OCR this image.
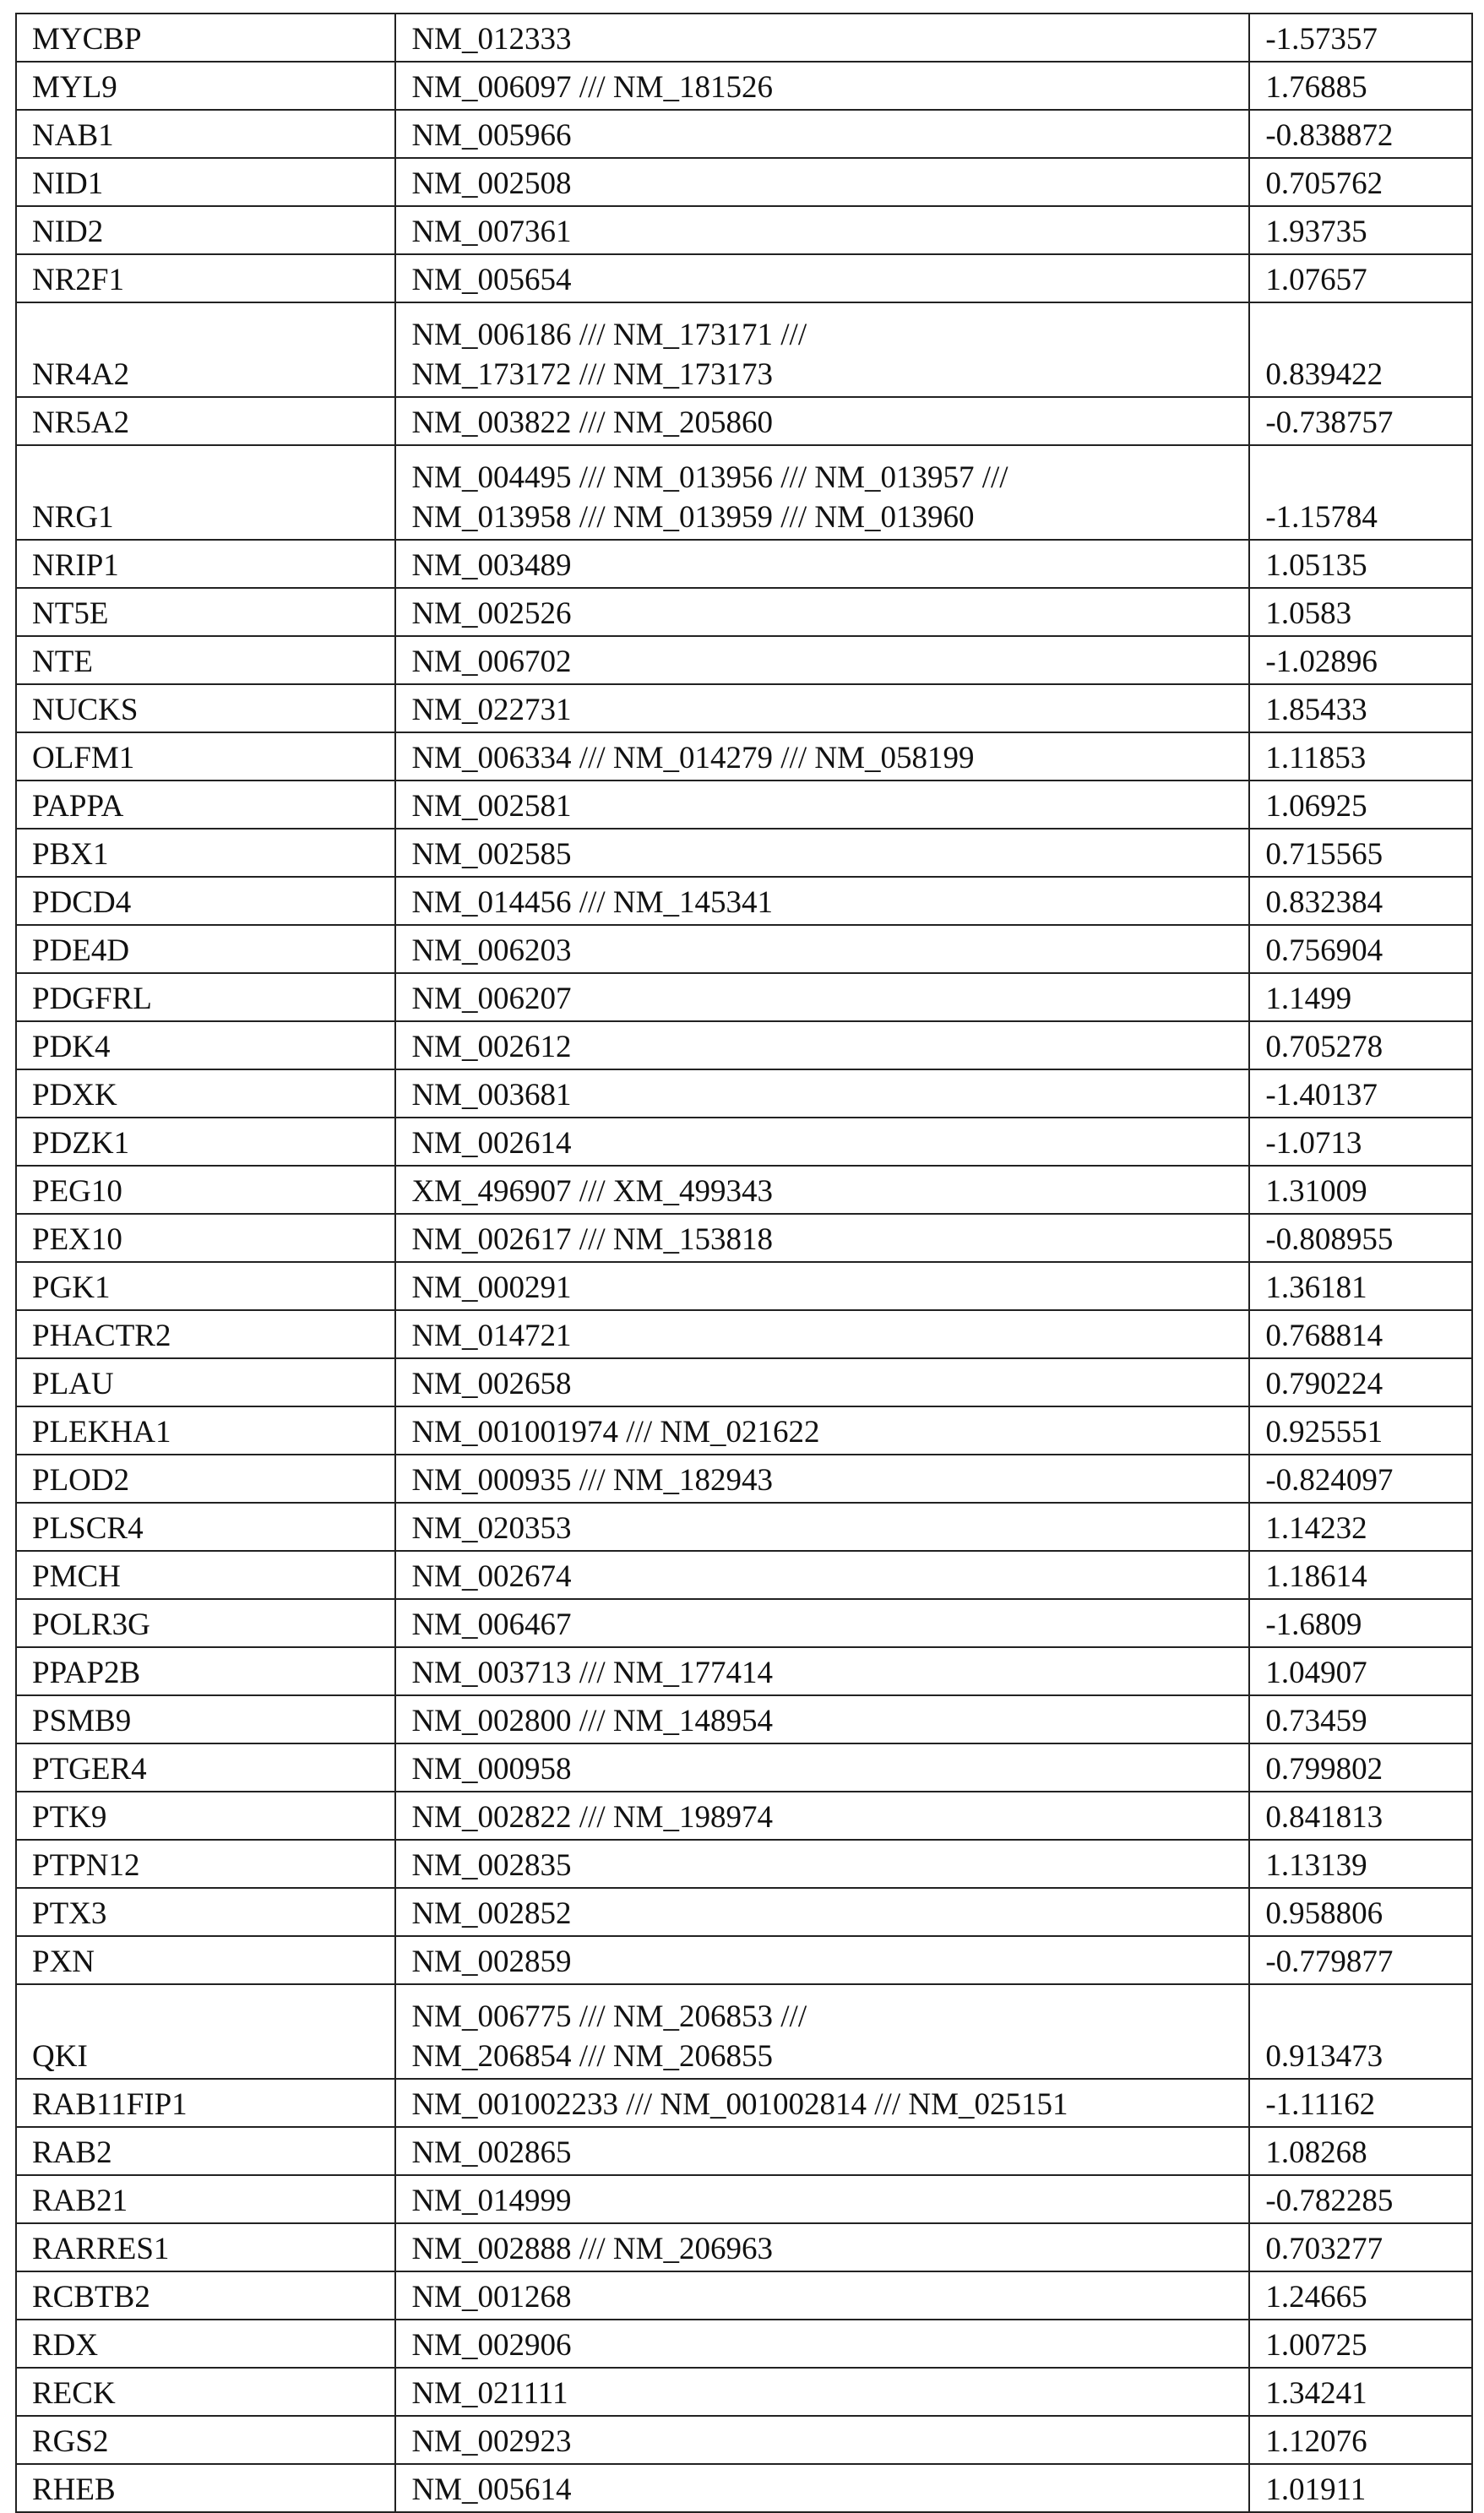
MYCBP	NM_012333	-1.57357
MYL9	NM_006097 /// NM_181526	1.76885
NAB1	NM_005966	-0.838872
NID1	NM_002508	0.705762
NID2	NM_007361	1.93735
NR2F1	NM_005654	1.07657
NR4A2	
NM_006186 /// NM_173171 ///
NM_173172 /// NM_173173	0.839422
NR5A2	NM_003822 /// NM_205860	-0.738757
NRG1	
NM_004495 /// NM_013956 /// NM_013957 ///
NM_013958 /// NM_013959 /// NM_013960	-1.15784
NRIP1	NM_003489	1.05135
NT5E	NM_002526	1.0583
NTE	NM_006702	-1.02896
NUCKS	NM_022731	1.85433
OLFM1	NM_006334 /// NM_014279 /// NM_058199	1.11853
PAPPA	NM_002581	1.06925
PBX1	NM_002585	0.715565
PDCD4	NM_014456 /// NM_145341	0.832384
PDE4D	NM_006203	0.756904
PDGFRL	NM_006207	1.1499
PDK4	NM_002612	0.705278
PDXK	NM_003681	-1.40137
PDZK1	NM_002614	-1.0713
PEG10	XM_496907 /// XM_499343	1.31009
PEX10	NM_002617 /// NM_153818	-0.808955
PGK1	NM_000291	1.36181
PHACTR2	NM_014721	0.768814
PLAU	NM_002658	0.790224
PLEKHA1	NM_001001974 /// NM_021622	0.925551
PLOD2	NM_000935 /// NM_182943	-0.824097
PLSCR4	NM_020353	1.14232
PMCH	NM_002674	1.18614
POLR3G	NM_006467	-1.6809
PPAP2B	NM_003713 /// NM_177414	1.04907
PSMB9	NM_002800 /// NM_148954	0.73459
PTGER4	NM_000958	0.799802
PTK9	NM_002822 /// NM_198974	0.841813
PTPN12	NM_002835	1.13139
PTX3	NM_002852	0.958806
PXN	NM_002859	-0.779877
QKI	
NM_006775 /// NM_206853 ///
NM_206854 /// NM_206855	0.913473
RAB11FIP1	NM_001002233 /// NM_001002814 /// NM_025151	-1.11162
RAB2	NM_002865	1.08268
RAB21	NM_014999	-0.782285
RARRES1	NM_002888 /// NM_206963	0.703277
RCBTB2	NM_001268	1.24665
RDX	NM_002906	1.00725
RECK	NM_021111	1.34241
RGS2	NM_002923	1.12076
RHEB	NM_005614	1.01911
